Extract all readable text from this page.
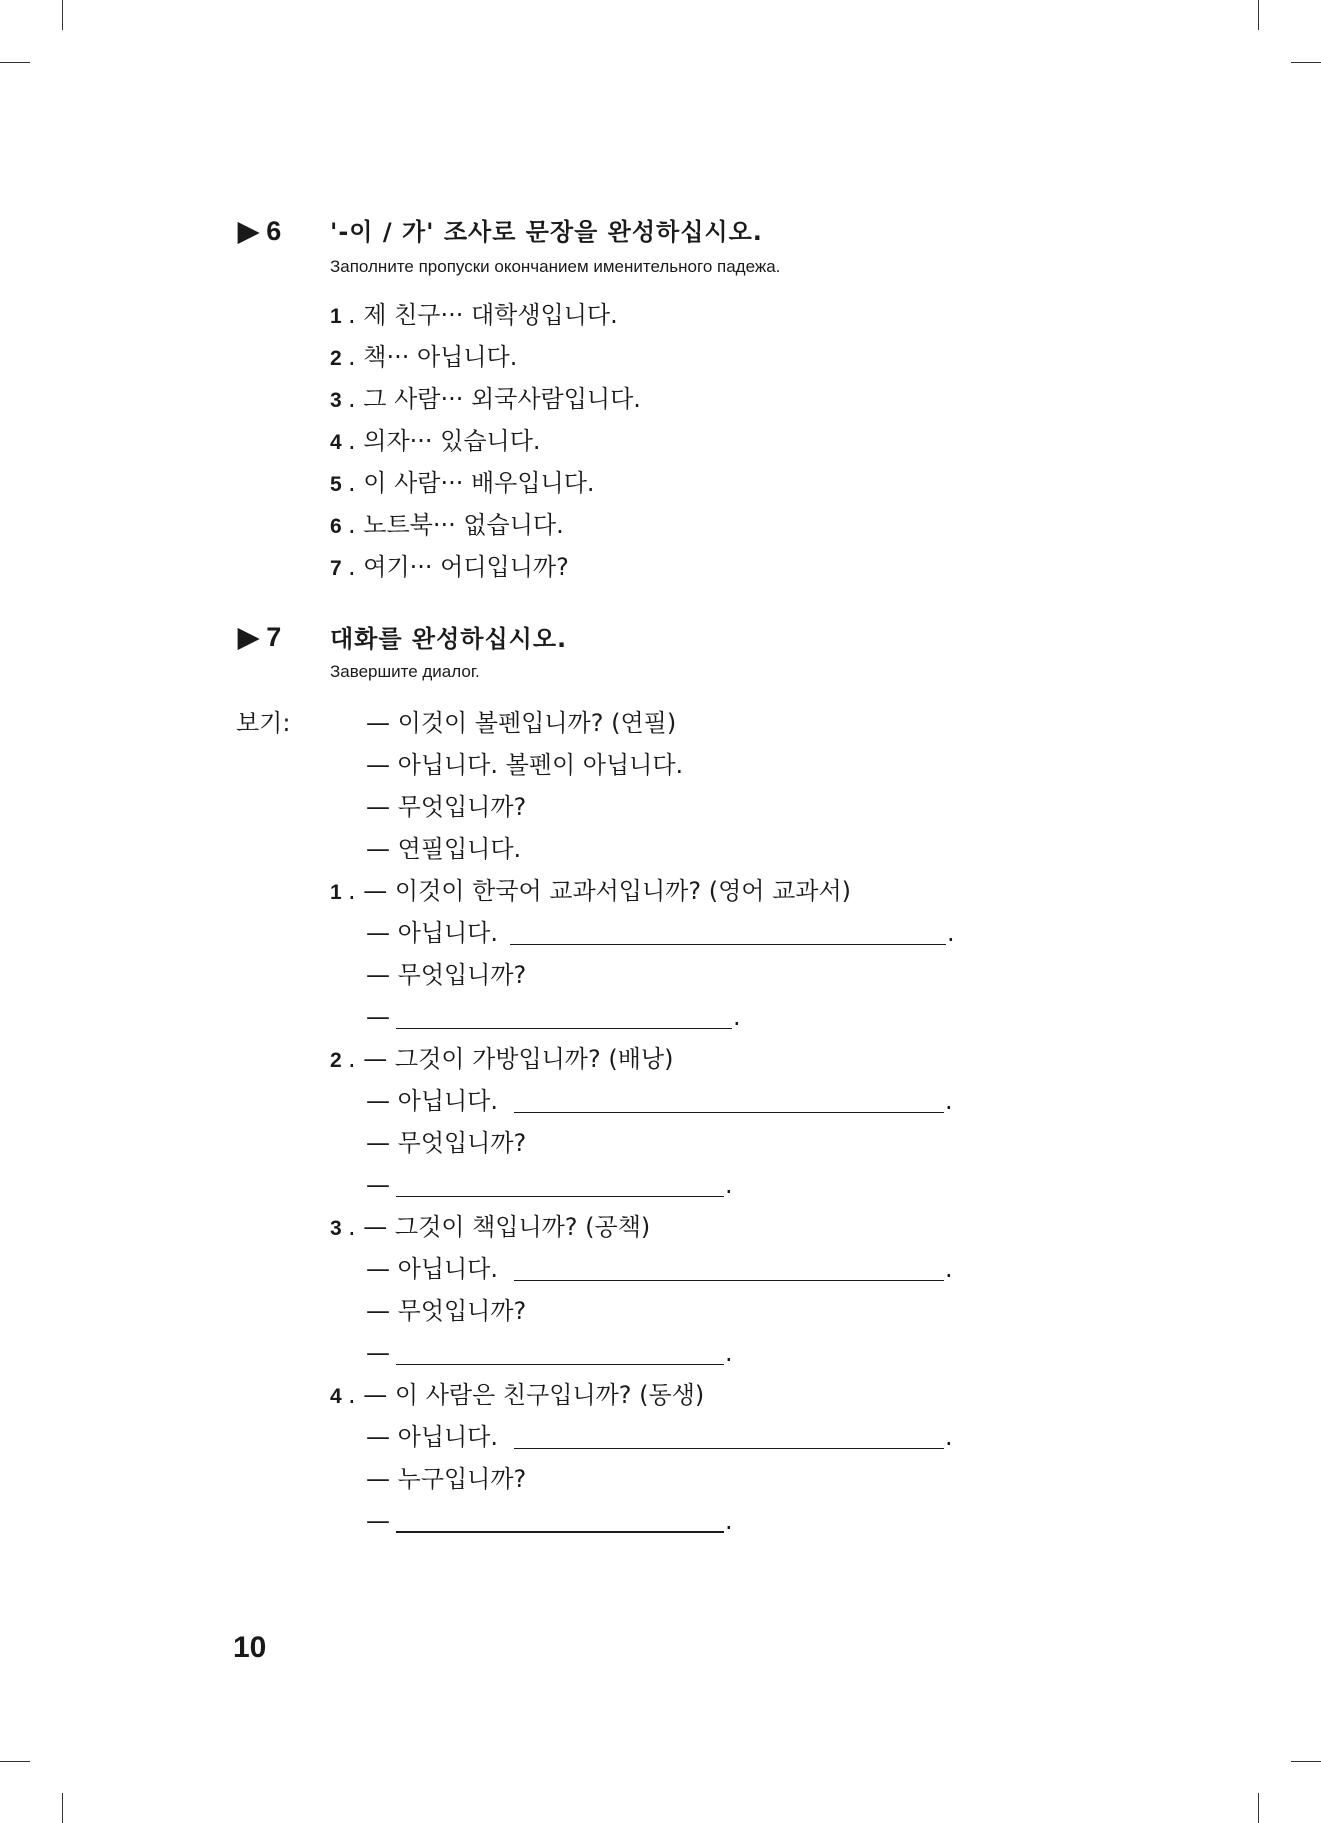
▶ 6 '-이 / 가' 조사로 문장을 완성하십시오.
Заполните пропуски окончанием именительного падежа.
1 . 제 친구··· 대학생입니다.
2 . 책··· 아닙니다.
3 . 그 사람··· 외국사람입니다.
4 . 의자··· 있습니다.
5 . 이 사람··· 배우입니다.
6 . 노트북··· 없습니다.
7 . 여기··· 어디입니까?
▶ 7 대화를 완성하십시오.
Завершите диалог.
보기:	— 이것이 볼펜입니까? (연필)
— 아닙니다. 볼펜이 아닙니다.
— 무엇입니까?
— 연필입니다.
1 . — 이것이 한국어 교과서입니까? (영어 교과서)
— 아닙니다.	.
— 무엇입니까?
—	.
2 . — 그것이 가방입니까? (배낭)
— 아닙니다.	.
— 무엇입니까?
—	.
3 . — 그것이 책입니까? (공책)
— 아닙니다.	.
— 무엇입니까?
—	.
4 . — 이 사람은 친구입니까? (동생)
— 아닙니다.	.
— 누구입니까?
—	.
10
